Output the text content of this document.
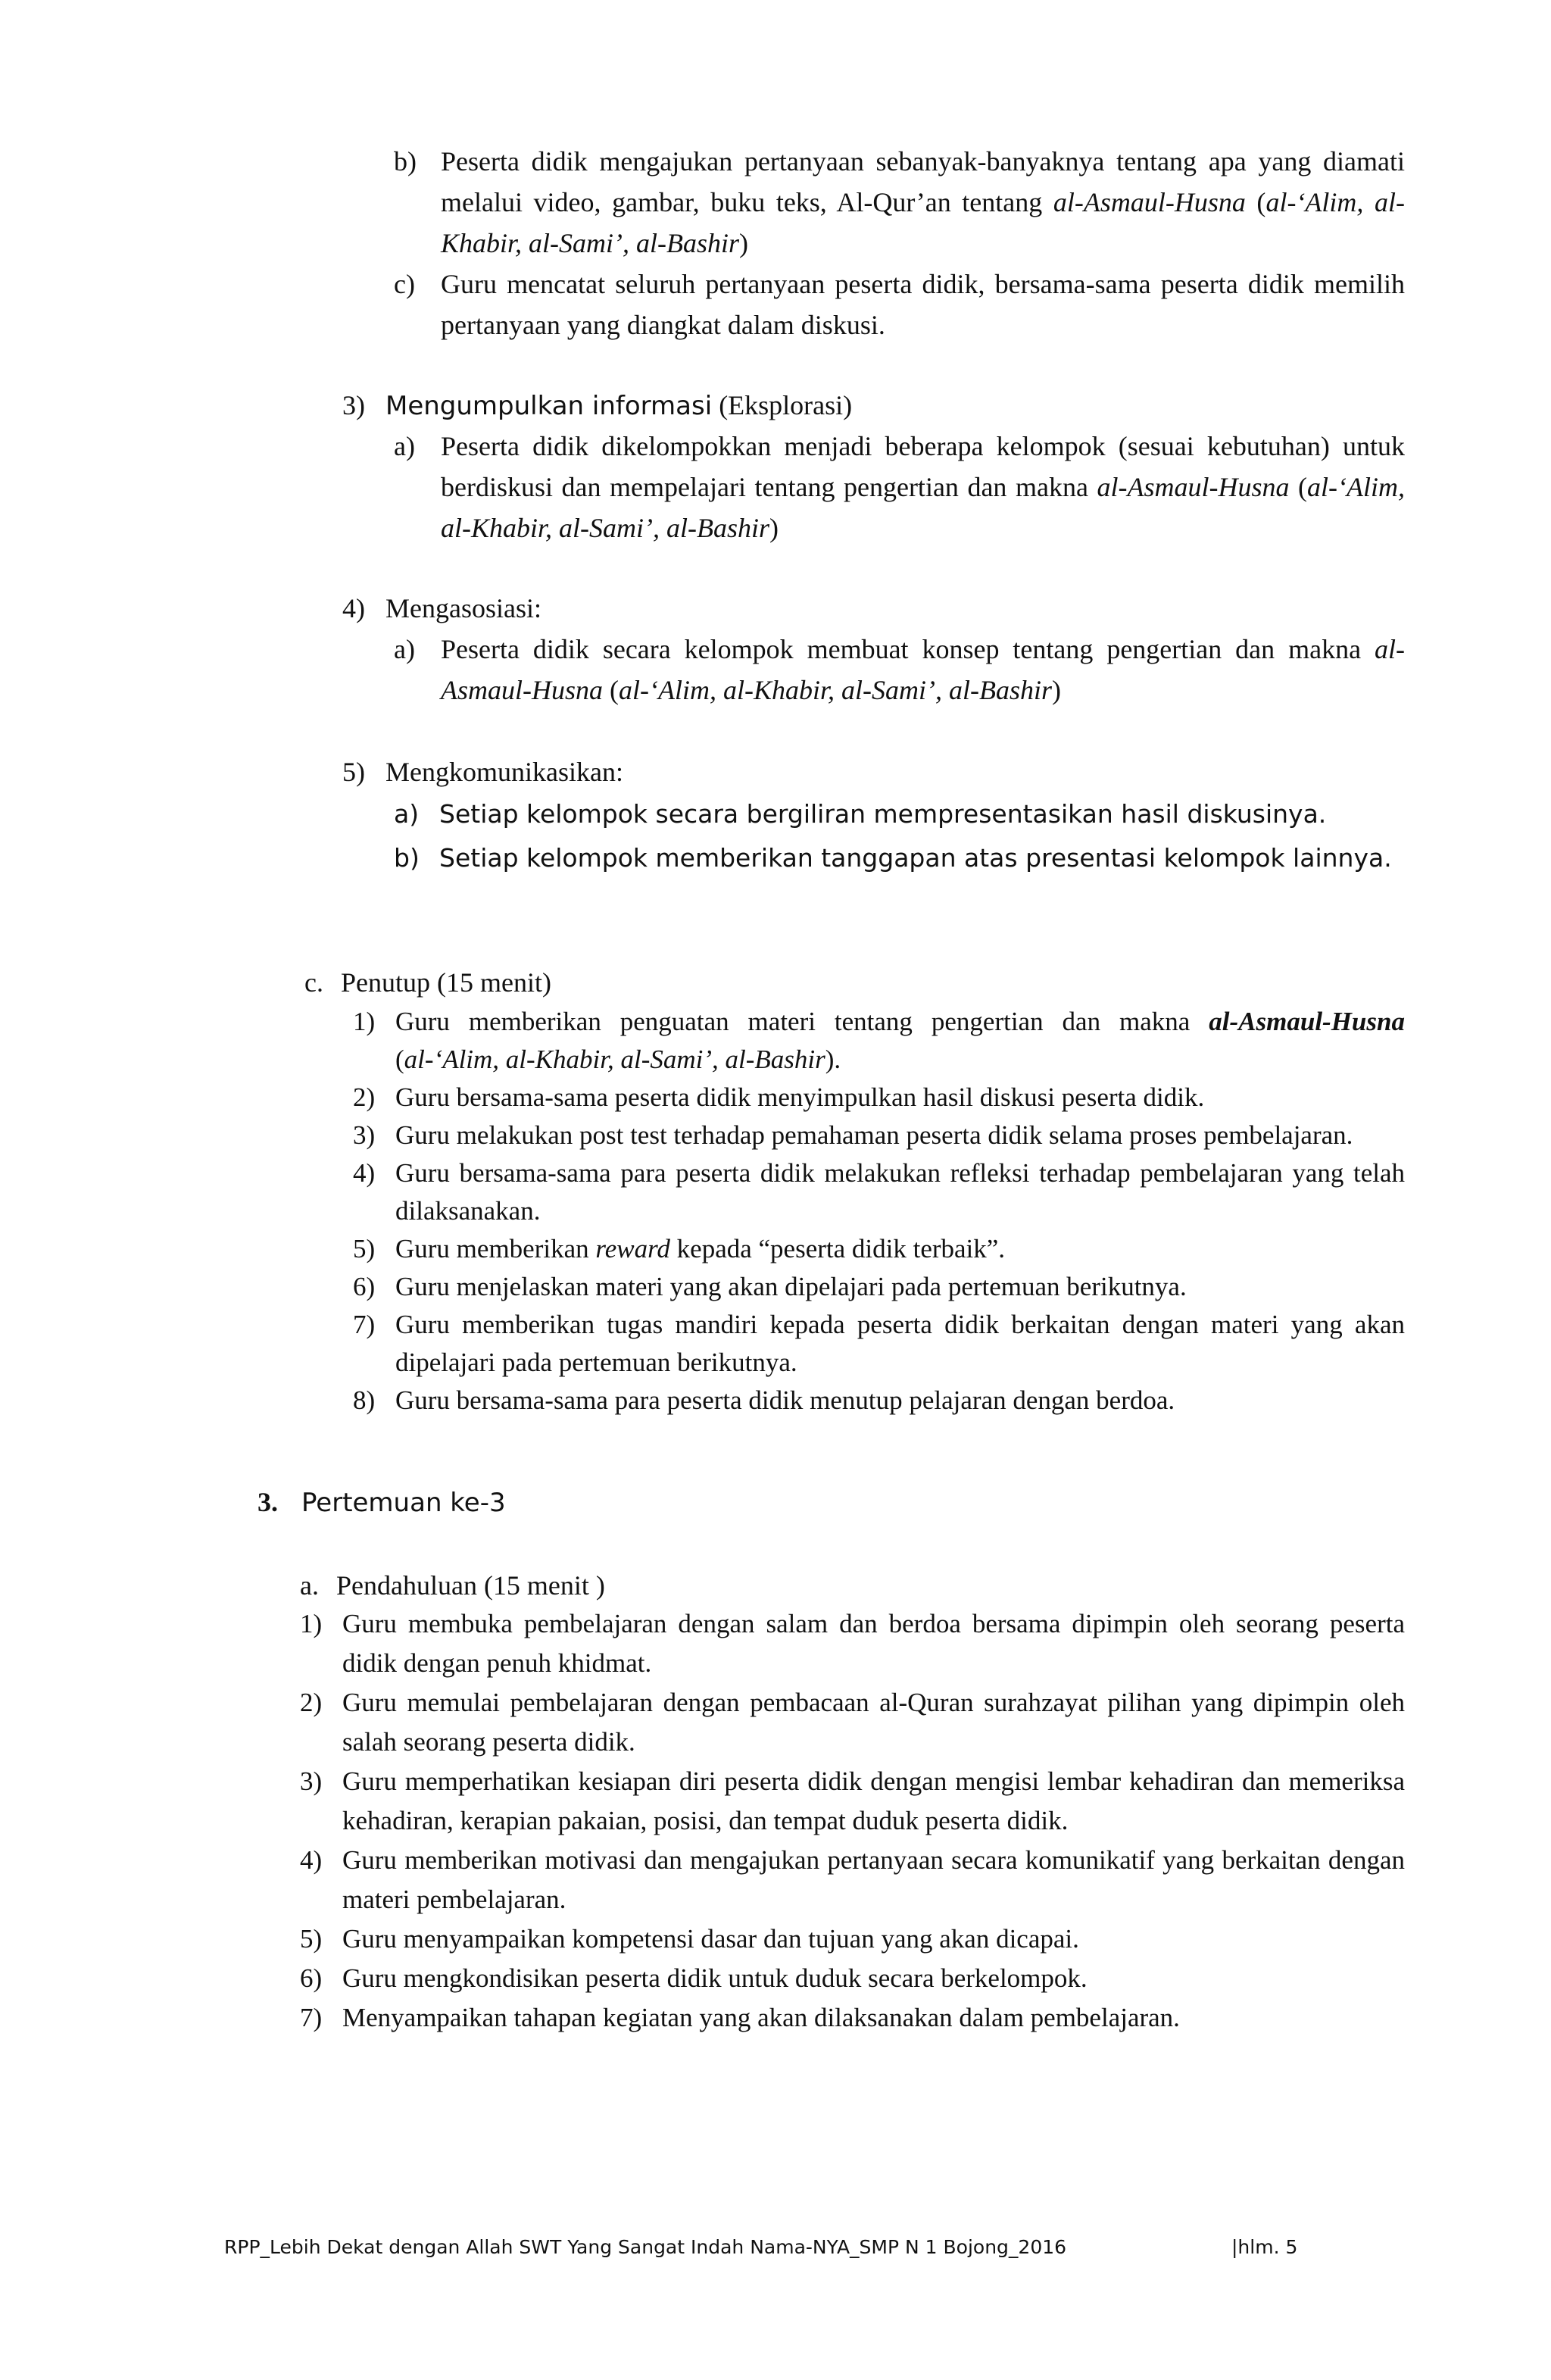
b) Peserta didik mengajukan pertanyaan sebanyak-banyaknya tentang apa yang diamati melalui video, gambar, buku teks, Al-Qur’an tentang al-Asmaul-Husna (al-‘Alim, al-Khabir, al-Sami’, al-Bashir)
c) Guru mencatat seluruh pertanyaan peserta didik, bersama-sama peserta didik memilih pertanyaan yang diangkat dalam diskusi.
3) Mengumpulkan informasi (Eksplorasi)
a) Peserta didik dikelompokkan menjadi beberapa kelompok (sesuai kebutuhan) untuk berdiskusi dan mempelajari tentang pengertian dan makna al-Asmaul-Husna (al-‘Alim, al-Khabir, al-Sami’, al-Bashir)
4) Mengasosiasi:
a) Peserta didik secara kelompok membuat konsep tentang pengertian dan makna al-Asmaul-Husna (al-‘Alim, al-Khabir, al-Sami’, al-Bashir)
5) Mengkomunikasikan:
a) Setiap kelompok secara bergiliran mempresentasikan hasil diskusinya.
b) Setiap kelompok memberikan tanggapan atas presentasi kelompok lainnya.
c. Penutup (15 menit)
1) Guru memberikan penguatan materi tentang pengertian dan makna al-Asmaul-Husna (al-‘Alim, al-Khabir, al-Sami’, al-Bashir).
2) Guru bersama-sama peserta didik menyimpulkan hasil diskusi peserta didik.
3) Guru melakukan post test terhadap pemahaman peserta didik selama proses pembelajaran.
4) Guru bersama-sama para peserta didik melakukan refleksi terhadap pembelajaran yang telah dilaksanakan.
5) Guru memberikan reward kepada “peserta didik terbaik”.
6) Guru menjelaskan materi yang akan dipelajari pada pertemuan berikutnya.
7) Guru memberikan tugas mandiri kepada peserta didik berkaitan dengan materi yang akan dipelajari pada pertemuan berikutnya.
8) Guru bersama-sama para peserta didik menutup pelajaran dengan berdoa.
3. Pertemuan ke-3
a. Pendahuluan (15 menit )
1) Guru membuka pembelajaran dengan salam dan berdoa bersama dipimpin oleh seorang peserta didik dengan penuh khidmat.
2) Guru memulai pembelajaran dengan pembacaan al-Quran surahzayat pilihan yang dipimpin oleh salah seorang peserta didik.
3) Guru memperhatikan kesiapan diri peserta didik dengan mengisi lembar kehadiran dan memeriksa kehadiran, kerapian pakaian, posisi, dan tempat duduk peserta didik.
4) Guru memberikan motivasi dan mengajukan pertanyaan secara komunikatif yang berkaitan dengan materi pembelajaran.
5) Guru menyampaikan kompetensi dasar dan tujuan yang akan dicapai.
6) Guru mengkondisikan peserta didik untuk duduk secara berkelompok.
7) Menyampaikan tahapan kegiatan yang akan dilaksanakan dalam pembelajaran.
RPP_Lebih Dekat dengan Allah SWT Yang Sangat Indah Nama-NYA_SMP N 1 Bojong_2016	|hlm. 5
